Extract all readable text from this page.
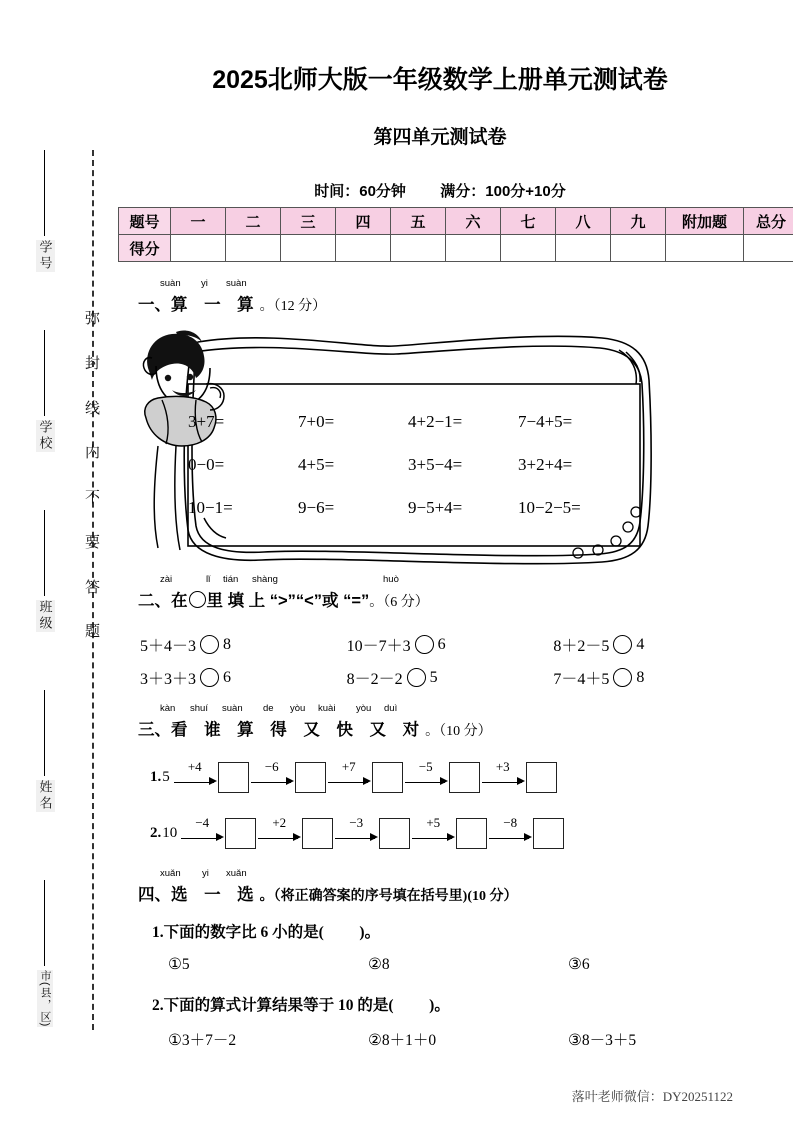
弥
封
线
内
不
要
答
题
学号
学校
班级
姓名
市(县，区)
2025北师大版一年级数学上册单元测试卷
第四单元测试卷
时间：60分钟 满分：100分+10分
题号	一	二	三	四	五	六	七	八	九	附加题	总分
得分											
suàn yi suàn
一、算 一 算。（12 分）
3+7=	7+0=	4+2−1=	7−4+5=
0−0=	4+5=	3+5−4=	3+2+4=
10−1=	9−6=	9−5+4=	10−2−5=
zài	lǐ tián shàng	huò
二、在 里 填 上 “>”“<”或 “=”。（6 分）
5＋4－3 8	10－7＋3 6	8＋2－5 4
3＋3＋3 6	8－2－2 5	7－4＋5 8
kàn shuí suàn de yòu kuài yòu duì
三、看 谁 算 得 又 快 又 对。（10 分）
1. 5
+4	−6	+7	−5	+3
2. 10
−4	+2	−3	+5	−8
xuǎn yi xuǎn
四、选 一 选。（将正确答案的序号填在括号里)(10 分）
1.下面的数字比 6 小的是( )。
①5	②8	③6
2.下面的算式计算结果等于 10 的是( )。
①3＋7－2	②8＋1＋0	③8－3＋5
落叶老师微信：DY20251122
